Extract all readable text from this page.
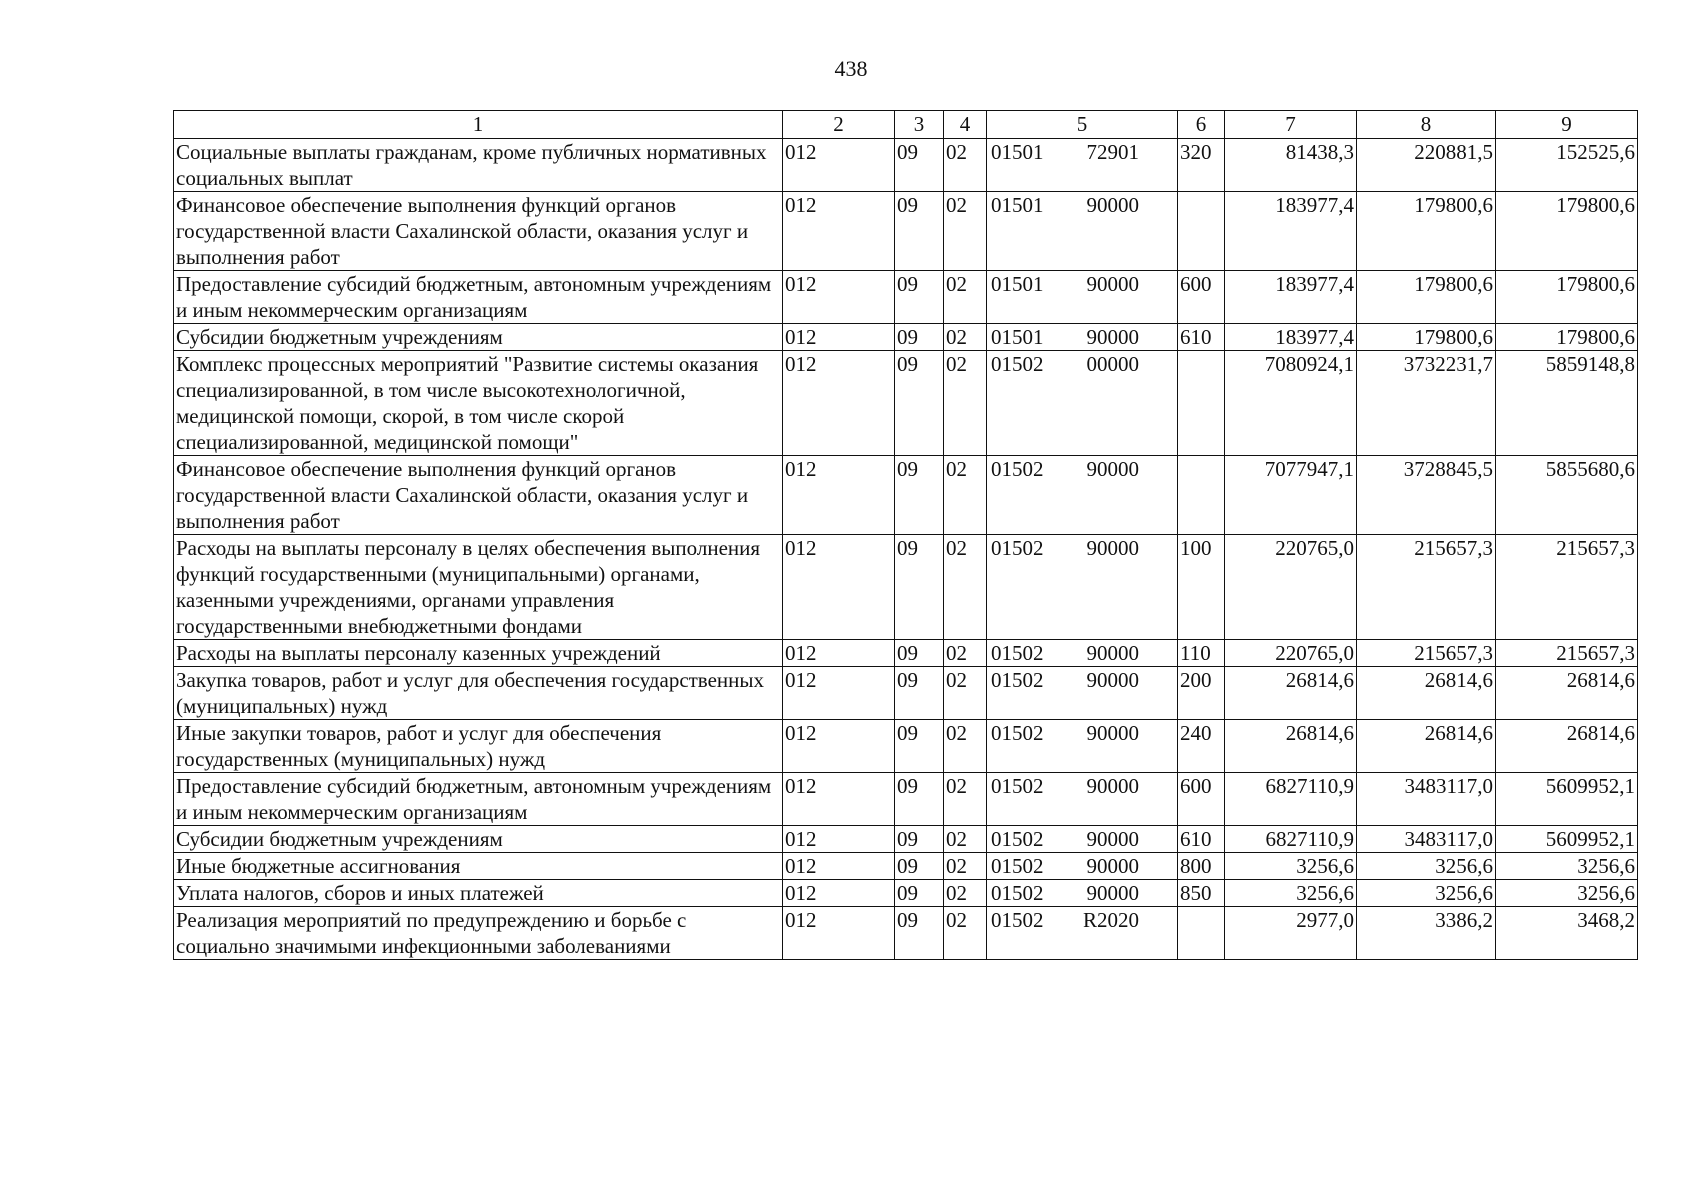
438
1	2	3	4	5	6	7	8	9
Социальные выплаты гражданам, кроме публичных нормативных социальных выплат	012	09	02	01501 72901	320	81438,3	220881,5	152525,6
Финансовое обеспечение выполнения функций органов государственной власти Сахалинской области, оказания услуг и выполнения работ	012	09	02	01501 90000		183977,4	179800,6	179800,6
Предоставление субсидий бюджетным, автономным учреждениям и иным некоммерческим организациям	012	09	02	01501 90000	600	183977,4	179800,6	179800,6
Субсидии бюджетным учреждениям	012	09	02	01501 90000	610	183977,4	179800,6	179800,6
Комплекс процессных мероприятий "Развитие системы оказания специализированной, в том числе высокотехнологичной, медицинской помощи, скорой, в том числе скорой специализированной, медицинской помощи"	012	09	02	01502 00000		7080924,1	3732231,7	5859148,8
Финансовое обеспечение выполнения функций органов государственной власти Сахалинской области, оказания услуг и выполнения работ	012	09	02	01502 90000		7077947,1	3728845,5	5855680,6
Расходы на выплаты персоналу в целях обеспечения выполнения функций государственными (муниципальными) органами, казенными учреждениями, органами управления государственными внебюджетными фондами	012	09	02	01502 90000	100	220765,0	215657,3	215657,3
Расходы на выплаты персоналу казенных учреждений	012	09	02	01502 90000	110	220765,0	215657,3	215657,3
Закупка товаров, работ и услуг для обеспечения государственных (муниципальных) нужд	012	09	02	01502 90000	200	26814,6	26814,6	26814,6
Иные закупки товаров, работ и услуг для обеспечения государственных (муниципальных) нужд	012	09	02	01502 90000	240	26814,6	26814,6	26814,6
Предоставление субсидий бюджетным, автономным учреждениям и иным некоммерческим организациям	012	09	02	01502 90000	600	6827110,9	3483117,0	5609952,1
Субсидии бюджетным учреждениям	012	09	02	01502 90000	610	6827110,9	3483117,0	5609952,1
Иные бюджетные ассигнования	012	09	02	01502 90000	800	3256,6	3256,6	3256,6
Уплата налогов, сборов и иных платежей	012	09	02	01502 90000	850	3256,6	3256,6	3256,6
Реализация мероприятий по предупреждению и борьбе с социально значимыми инфекционными заболеваниями	012	09	02	01502 R2020		2977,0	3386,2	3468,2
